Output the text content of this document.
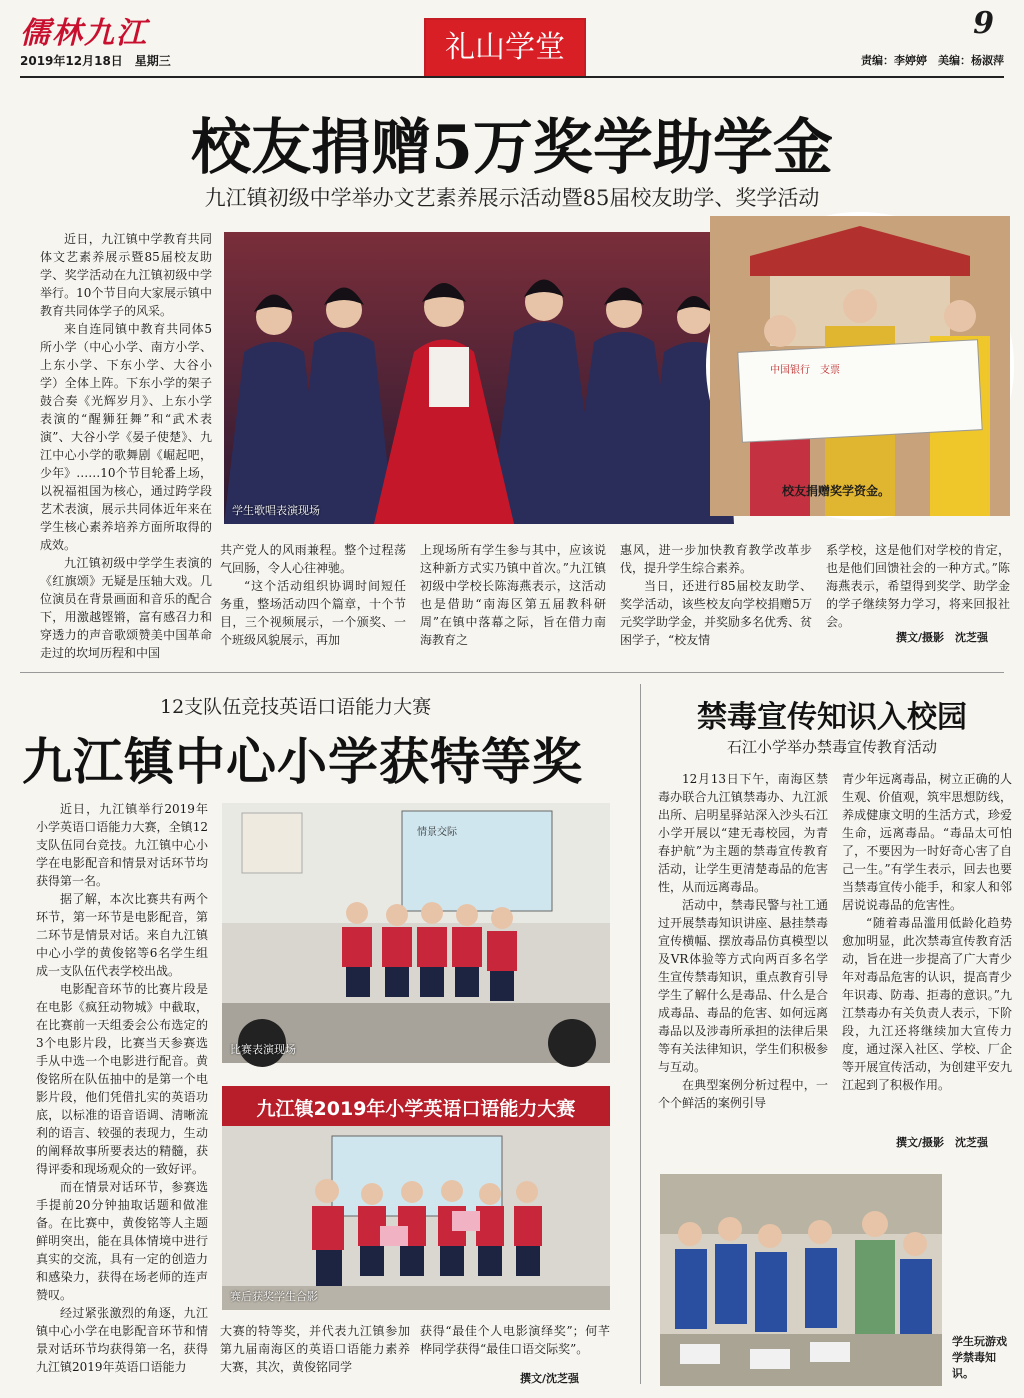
儒林九江
2019年12月18日　星期三	礼山学堂
9
责编：李婷婷　美编：杨淑萍
校友捐赠5万奖学助学金
九江镇初级中学举办文艺素养展示活动暨85届校友助学、奖学活动

近日，九江镇中学教育共同体文艺素养展示暨85届校友助学、奖学活动在九江镇初级中学举行。10个节目向大家展示镇中教育共同体学子的风采。

来自连同镇中教育共同体5所小学（中心小学、南方小学、上东小学、下东小学、大谷小学）全体上阵。下东小学的架子鼓合奏《光辉岁月》、上东小学表演的“醒狮狂舞”和“武术表演”、大谷小学《晏子使楚》、九江中心小学的歌舞剧《崛起吧，少年》……10个节目轮番上场，以祝福祖国为核心，通过跨学段艺术表演，展示共同体近年来在学生核心素养培养方面所取得的成效。

九江镇初级中学学生表演的《红旗颂》无疑是压轴大戏。几位演员在背景画面和音乐的配合下，用激越铿锵，富有感召力和穿透力的声音歌颂赞美中国革命走过的坎坷历程和中国

学生歌唱表演现场
中国银行　支票
校友捐赠奖学资金。

共产党人的风雨兼程。整个过程荡气回肠，令人心往神驰。

“这个活动组织协调时间短任务重，整场活动四个篇章，十个节目，三个视频展示，一个颁奖、一个班级风貌展示，再加

上现场所有学生参与其中，应该说这种新方式实乃镇中首次。”九江镇初级中学校长陈海燕表示，这活动也是借助“南海区第五届教科研周”在镇中落幕之际，旨在借力南海教育之

惠风，进一步加快教育教学改革步伐，提升学生综合素养。

当日，还进行85届校友助学、奖学活动，该些校友向学校捐赠5万元奖学助学金，并奖励多名优秀、贫困学子，“校友情

系学校，这是他们对学校的肯定，也是他们回馈社会的一种方式。”陈海燕表示，希望得到奖学、助学金的学子继续努力学习，将来回报社会。

撰文/摄影　沈芝强
12支队伍竞技英语口语能力大赛
九江镇中心小学获特等奖

近日，九江镇举行2019年小学英语口语能力大赛，全镇12支队伍同台竞技。九江镇中心小学在电影配音和情景对话环节均获得第一名。

据了解，本次比赛共有两个环节，第一环节是电影配音，第二环节是情景对话。来自九江镇中心小学的黄俊铭等6名学生组成一支队伍代表学校出战。

电影配音环节的比赛片段是在电影《疯狂动物城》中截取，在比赛前一天组委会公布选定的3个电影片段，比赛当天参赛选手从中选一个电影进行配音。黄俊铭所在队伍抽中的是第一个电影片段，他们凭借扎实的英语功底，以标准的语音语调、清晰流利的语言、较强的表现力，生动的阐释故事所要表达的精髓，获得评委和现场观众的一致好评。

而在情景对话环节，参赛选手提前20分钟抽取话题和做准备。在比赛中，黄俊铭等人主题鲜明突出，能在具体情境中进行真实的交流，具有一定的创造力和感染力，获得在场老师的连声赞叹。

经过紧张激烈的角逐，九江镇中心小学在电影配音环节和情景对话环节均获得第一名，获得九江镇2019年英语口语能力

情景交际
比赛表演现场
九江镇2019年小学英语口语能力大赛
赛后获奖学生合影

大赛的特等奖，并代表九江镇参加第九届南海区的英语口语能力素养大赛，其次，黄俊铭同学

获得“最佳个人电影演绎奖”；何芊桦同学获得“最佳口语交际奖”。

撰文/沈芝强
禁毒宣传知识入校园
石江小学举办禁毒宣传教育活动

12月13日下午，南海区禁毒办联合九江镇禁毒办、九江派出所、启明星驿站深入沙头石江小学开展以“建无毒校园，为青春护航”为主题的禁毒宣传教育活动，让学生更清楚毒品的危害性，从而远离毒品。

活动中，禁毒民警与社工通过开展禁毒知识讲座、悬挂禁毒宣传横幅、摆放毒品仿真模型以及VR体验等方式向两百多名学生宣传禁毒知识，重点教育引导学生了解什么是毒品、什么是合成毒品、毒品的危害、如何远离毒品以及涉毒所承担的法律后果等有关法律知识，学生们积极参与互动。

在典型案例分析过程中，一个个鲜活的案例引导

青少年远离毒品，树立正确的人生观、价值观，筑牢思想防线，养成健康文明的生活方式，珍爱生命，远离毒品。“毒品太可怕了，不要因为一时好奇心害了自己一生。”有学生表示，回去也要当禁毒宣传小能手，和家人和邻居说说毒品的危害性。

“随着毒品滥用低龄化趋势愈加明显，此次禁毒宣传教育活动，旨在进一步提高了广大青少年对毒品危害的认识，提高青少年识毒、防毒、拒毒的意识。”九江禁毒办有关负责人表示，下阶段，九江还将继续加大宣传力度，通过深入社区、学校、厂企等开展宣传活动，为创建平安九江起到了积极作用。

撰文/摄影　沈芝强
学生玩游戏学禁毒知识。
